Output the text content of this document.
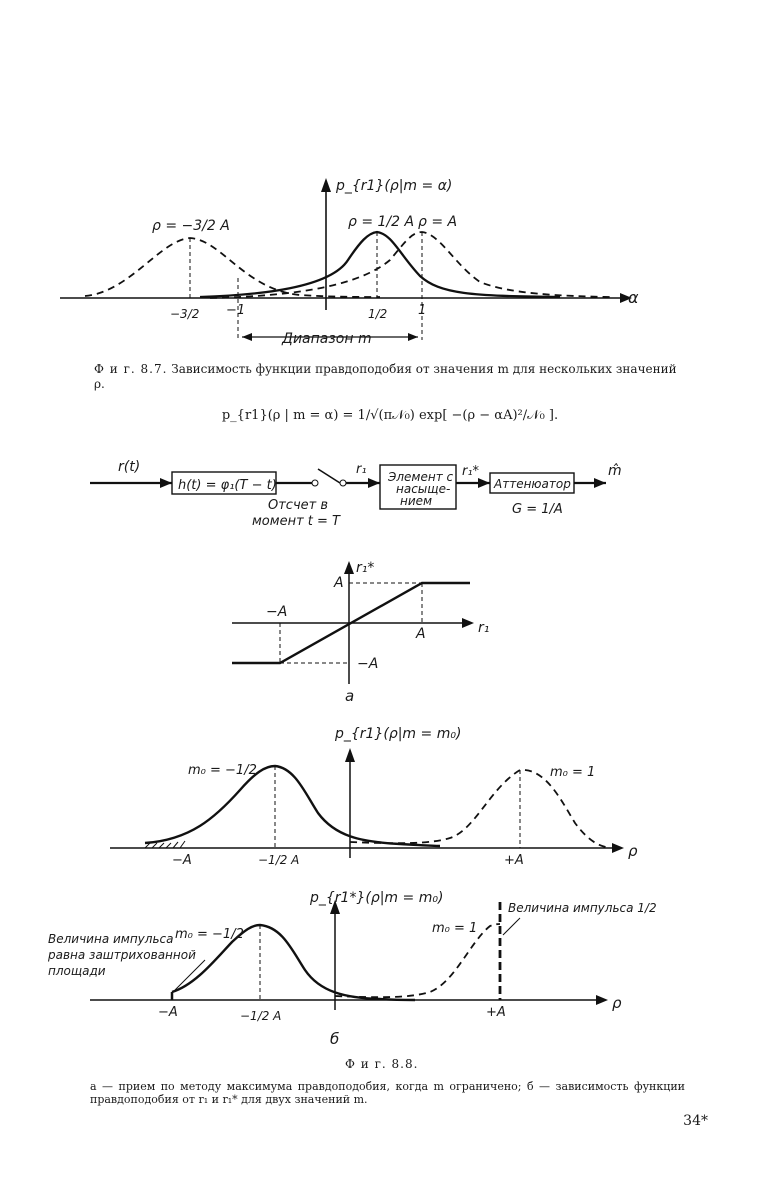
p_{r1}(ρ|m = α)
α
ρ = −3/2 A	ρ = 1/2 A ρ = A
−3/2 −1	1/2 1
Диапазон m
Ф и г. 8.7. Зависимость функции правдоподобия от значения m для нескольких значений ρ.
p_{r1}(ρ | m = α) = 1/√(π𝒩₀) exp[ −(ρ − αA)²/𝒩₀ ].
r(t)
h(t) = φ₁(T − t)
r₁ Элемент с
насыще-
нием
r₁*
Аттенюатор
G = 1/A
m̂
Отсчет в
момент t = T
r₁*
r₁
A
A
−A
−A
а
p_{r1}(ρ|m = m₀)
ρ
m₀ = −1/2	m₀ = 1
−A	−1/2 A	+A
p_{r1*}(ρ|m = m₀)
ρ
m₀ = −1/2	m₀ = 1
Величина импульса 1/2
Величина импульса
равна заштрихованной
площади
−A	−1/2 A	+A
б
Ф и г. 8.8.
а — прием по методу максимума правдоподобия, когда m ограничено; б — зависимость функции правдоподобия от r₁ и r₁* для двух значений m.
34*
